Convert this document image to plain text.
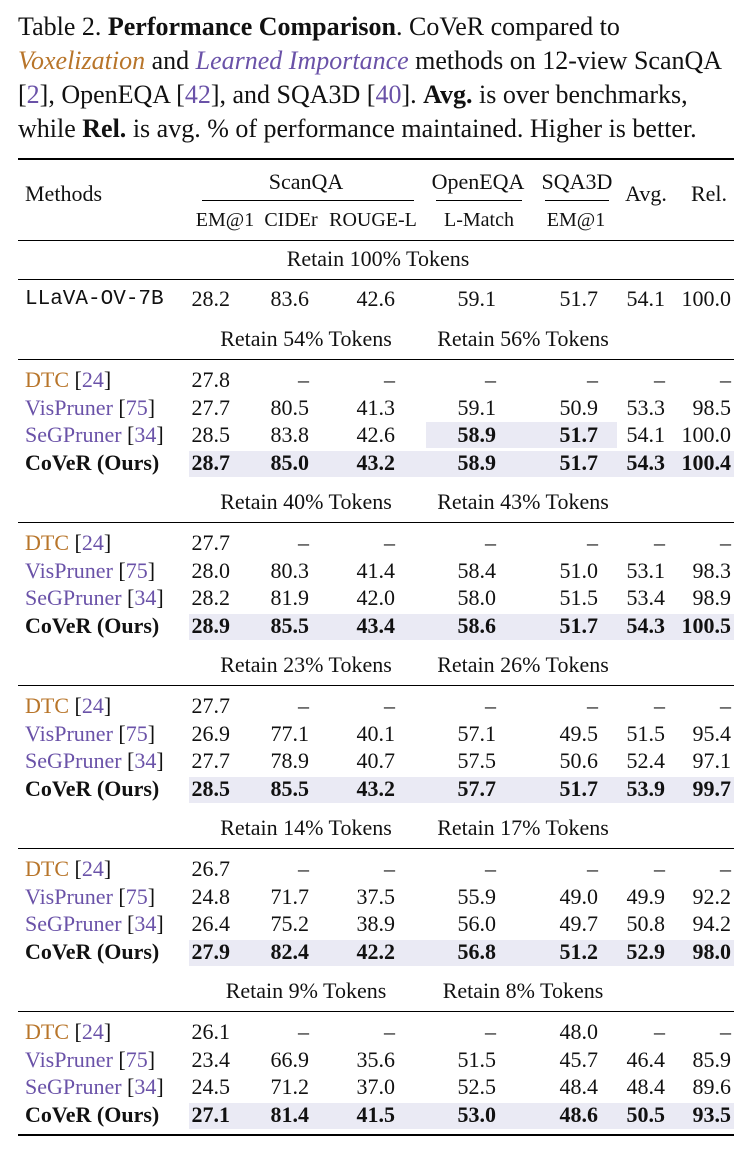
Table 2. Performance Comparison. CoVeR compared to Voxelization and Learned Importance methods on 12-view ScanQA [2], OpenEQA [42], and SQA3D [40]. Avg. is over benchmarks, while Rel. is avg. % of performance maintained. Higher is better.
Methods	ScanQA	OpenEQA SQA3D Avg. Rel.
EM@1 CIDEr ROUGE-L L-Match EM@1
Retain 100% Tokens
LLaVA-OV-7B 28.2 83.6 42.6	59.1	51.7 54.1 100.0
Retain 54% Tokens Retain 56% Tokens
DTC [24]	27.8	–	–	–	–	–	–
VisPruner [75] 27.7 80.5 41.3	59.1	50.9 53.3 98.5
SeGPruner [34] 28.5 83.8 42.6	58.9	51.7 54.1 100.0
CoVeR (Ours) 28.7 85.0 43.2	58.9	51.7 54.3 100.4
Retain 40% Tokens Retain 43% Tokens
DTC [24]	27.7	–	–	–	–	–	–
VisPruner [75] 28.0 80.3 41.4	58.4	51.0 53.1 98.3
SeGPruner [34] 28.2 81.9 42.0	58.0	51.5 53.4 98.9
CoVeR (Ours) 28.9 85.5 43.4	58.6	51.7 54.3 100.5
Retain 23% Tokens Retain 26% Tokens
DTC [24]	27.7	–	–	–	–	–	–
VisPruner [75] 26.9 77.1 40.1	57.1	49.5 51.5 95.4
SeGPruner [34] 27.7 78.9 40.7	57.5	50.6 52.4 97.1
CoVeR (Ours) 28.5 85.5 43.2	57.7	51.7 53.9 99.7
Retain 14% Tokens Retain 17% Tokens
DTC [24]	26.7	–	–	–	–	–	–
VisPruner [75] 24.8 71.7 37.5	55.9	49.0 49.9 92.2
SeGPruner [34] 26.4 75.2 38.9	56.0	49.7 50.8 94.2
CoVeR (Ours) 27.9 82.4 42.2	56.8	51.2 52.9 98.0
Retain 9% Tokens	Retain 8% Tokens
DTC [24]	26.1	–	–	–	48.0	–	–
VisPruner [75] 23.4 66.9 35.6	51.5	45.7 46.4 85.9
SeGPruner [34] 24.5 71.2 37.0	52.5	48.4 48.4 89.6
CoVeR (Ours) 27.1 81.4 41.5	53.0	48.6 50.5 93.5
